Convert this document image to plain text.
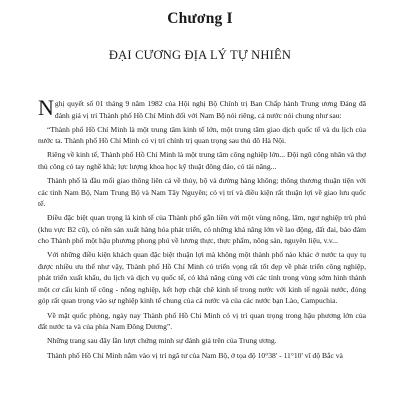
Chương I
ĐẠI CƯƠNG ĐỊA LÝ TỰ NHIÊN

Nghị quyết số 01 tháng 9 năm 1982 của Hội nghị Bộ Chính trị Ban Chấp hành Trung ương Đảng đã đánh giá vị trí Thành phố Hồ Chí Minh đối với Nam Bộ nói riêng, cả nước nói chung như sau:

“Thành phố Hồ Chí Minh là một trung tâm kinh tế lớn, một trung tâm giao dịch quốc tế và du lịch của nước ta. Thành phố Hồ Chí Minh có vị trí chính trị quan trọng sau thủ đô Hà Nội.

Riêng về kinh tế, Thành phố Hồ Chí Minh là một trung tâm công nghiệp lớn... Đội ngũ công nhân và thợ thủ công có tay nghề khá; lực lượng khoa học kỹ thuật đông đảo, có tài năng...

Thành phố là đầu mối giao thông liên cả về thủy, bộ và đường hàng không; thông thương thuận tiện với các tỉnh Nam Bộ, Nam Trung Bộ và Nam Tây Nguyên; có vị trí và điều kiện rất thuận lợi về giao lưu quốc tế.

Điều đặc biệt quan trọng là kinh tế của Thành phố gắn liền với một vùng nông, lâm, ngư nghiệp trù phú (khu vực B2 cũ), có nền sản xuất hàng hóa phát triển, có những khả năng lớn về lao động, đất đai, bảo đảm cho Thành phố một hậu phương phong phú về lương thực, thực phẩm, nông sản, nguyên liệu, v.v...

Với những điều kiện khách quan đặc biệt thuận lợi mà không một thành phố nào khác ở nước ta quy tụ được nhiều ưu thế như vậy, Thành phố Hồ Chí Minh có triển vọng rất tốt đẹp về phát triển công nghiệp, phát triển xuất khẩu, du lịch và dịch vụ quốc tế, có khả năng cùng với các tỉnh trong vùng sớm hình thành một cơ cấu kinh tế công - nông nghiệp, kết hợp chặt chẽ kinh tế trong nước với kinh tế ngoài nước, đóng góp rất quan trọng vào sự nghiệp kinh tế chung của cả nước và của các nước bạn Lào, Campuchia.

Về mặt quốc phòng, ngày nay Thành phố Hồ Chí Minh có vị trí quan trọng trong hậu phương lớn của đất nước ta và của phía Nam Đông Dương”.

Những trang sau đây lần lượt chứng minh sự đánh giá trên của Trung ương.

Thành phố Hồ Chí Minh nằm vào vị trí ngã tư của Nam Bộ, ở tọa độ 10°38' - 11°10' vĩ độ Bắc và
